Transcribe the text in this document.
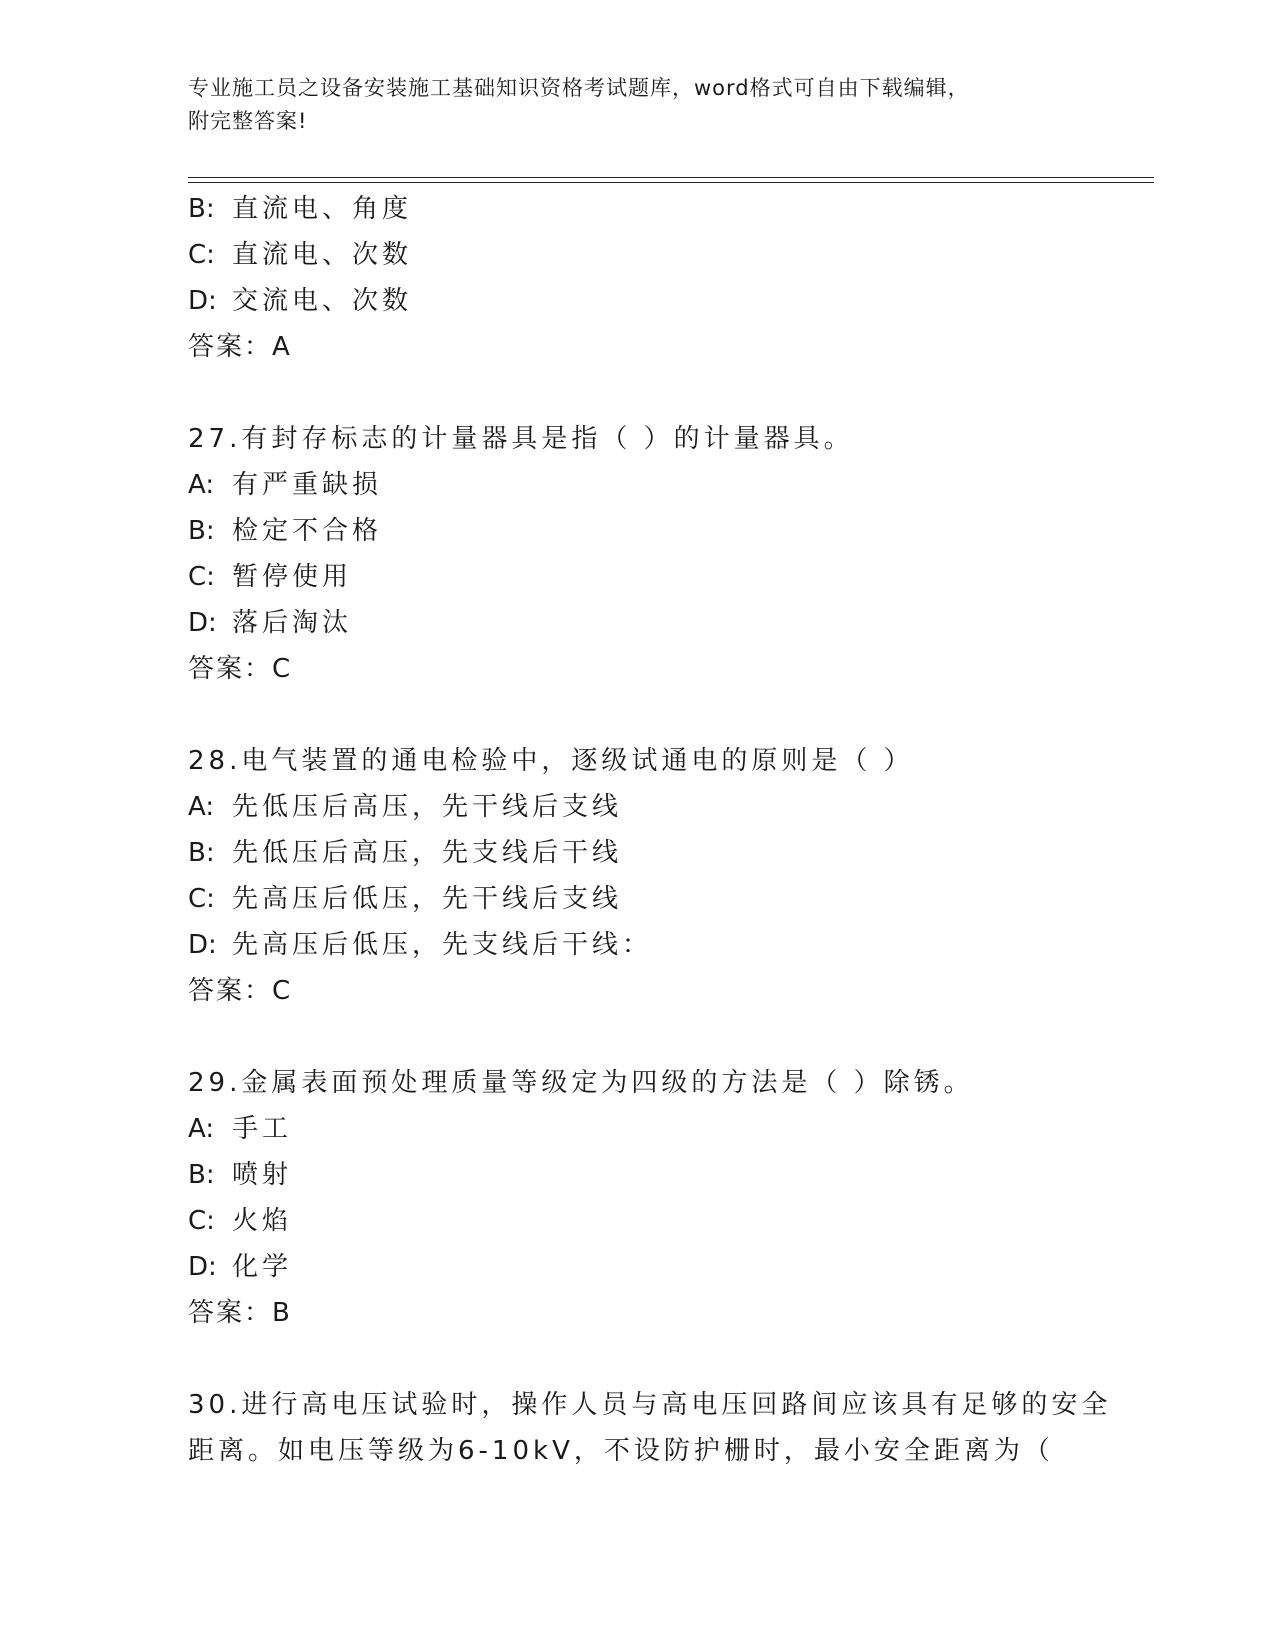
专业施工员之设备安装施工基础知识资格考试题库，word格式可自由下载编辑，
附完整答案!
B: 直流电、角度
C: 直流电、次数
D: 交流电、次数
答案：A
27.有封存标志的计量器具是指（ ）的计量器具。
A: 有严重缺损
B: 检定不合格
C: 暂停使用
D: 落后淘汰
答案：C
28.电气装置的通电检验中，逐级试通电的原则是（ ）
A: 先低压后高压，先干线后支线
B: 先低压后高压，先支线后干线
C: 先高压后低压，先干线后支线
D: 先高压后低压，先支线后干线：
答案：C
29.金属表面预处理质量等级定为四级的方法是（ ）除锈。
A: 手工
B: 喷射
C: 火焰
D: 化学
答案：B
30.进行高电压试验时，操作人员与高电压回路间应该具有足够的安全
距离。如电压等级为6-10kV，不设防护栅时，最小安全距离为（
